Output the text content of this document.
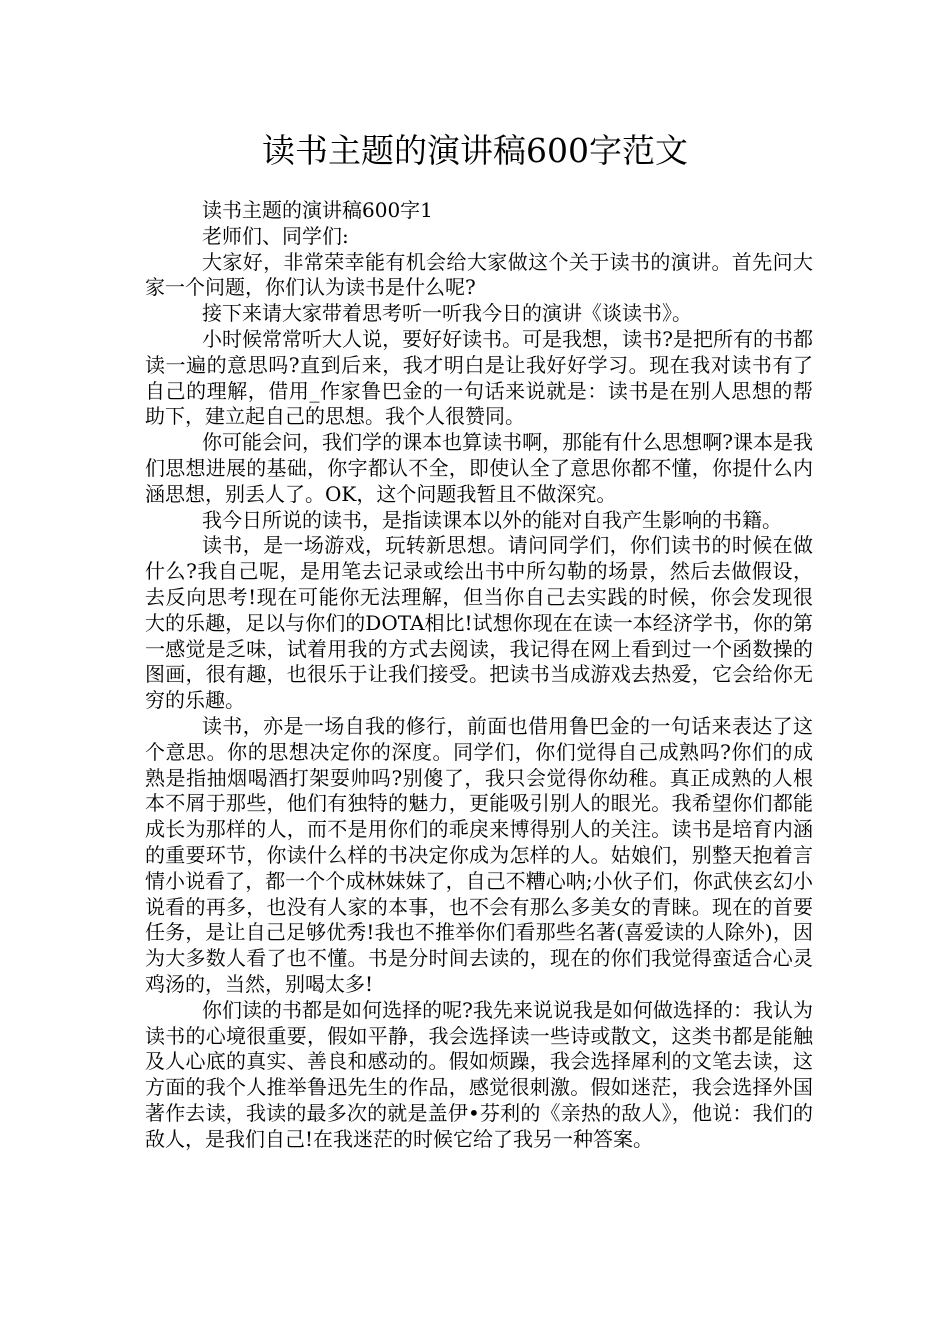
读书主题的演讲稿600字范文

读书主题的演讲稿600字1

老师们、同学们:

大家好，非常荣幸能有机会给大家做这个关于读书的演讲。首先问大家一个问题，你们认为读书是什么呢?

接下来请大家带着思考听一听我今日的演讲《谈读书》。

小时候常常听大人说，要好好读书。可是我想，读书?是把所有的书都读一遍的意思吗?直到后来，我才明白是让我好好学习。现在我对读书有了自己的理解，借用_作家鲁巴金的一句话来说就是：读书是在别人思想的帮助下，建立起自己的思想。我个人很赞同。

你可能会问，我们学的课本也算读书啊，那能有什么思想啊?课本是我们思想进展的基础，你字都认不全，即使认全了意思你都不懂，你提什么内涵思想，别丢人了。OK，这个问题我暂且不做深究。

我今日所说的读书，是指读课本以外的能对自我产生影响的书籍。

读书，是一场游戏，玩转新思想。请问同学们，你们读书的时候在做什么?我自己呢，是用笔去记录或绘出书中所勾勒的场景，然后去做假设，去反向思考!现在可能你无法理解，但当你自己去实践的时候，你会发现很大的乐趣，足以与你们的DOTA相比!试想你现在在读一本经济学书，你的第一感觉是乏味，试着用我的方式去阅读，我记得在网上看到过一个函数操的图画，很有趣，也很乐于让我们接受。把读书当成游戏去热爱，它会给你无穷的乐趣。

读书，亦是一场自我的修行，前面也借用鲁巴金的一句话来表达了这个意思。你的思想决定你的深度。同学们，你们觉得自己成熟吗?你们的成熟是指抽烟喝酒打架耍帅吗?别傻了，我只会觉得你幼稚。真正成熟的人根本不屑于那些，他们有独特的魅力，更能吸引别人的眼光。我希望你们都能成长为那样的人，而不是用你们的乖戾来博得别人的关注。读书是培育内涵的重要环节，你读什么样的书决定你成为怎样的人。姑娘们，别整天抱着言情小说看了，都一个个成林妹妹了，自己不糟心呐;小伙子们，你武侠玄幻小说看的再多，也没有人家的本事，也不会有那么多美女的青睐。现在的首要任务，是让自己足够优秀!我也不推举你们看那些名著(喜爱读的人除外)，因为大多数人看了也不懂。书是分时间去读的，现在的你们我觉得蛮适合心灵鸡汤的，当然，别喝太多!

你们读的书都是如何选择的呢?我先来说说我是如何做选择的：我认为读书的心境很重要，假如平静，我会选择读一些诗或散文，这类书都是能触及人心底的真实、善良和感动的。假如烦躁，我会选择犀利的文笔去读，这方面的我个人推举鲁迅先生的作品，感觉很刺激。假如迷茫，我会选择外国著作去读，我读的最多次的就是盖伊•芬利的《亲热的敌人》，他说：我们的敌人，是我们自己!在我迷茫的时候它给了我另一种答案。
